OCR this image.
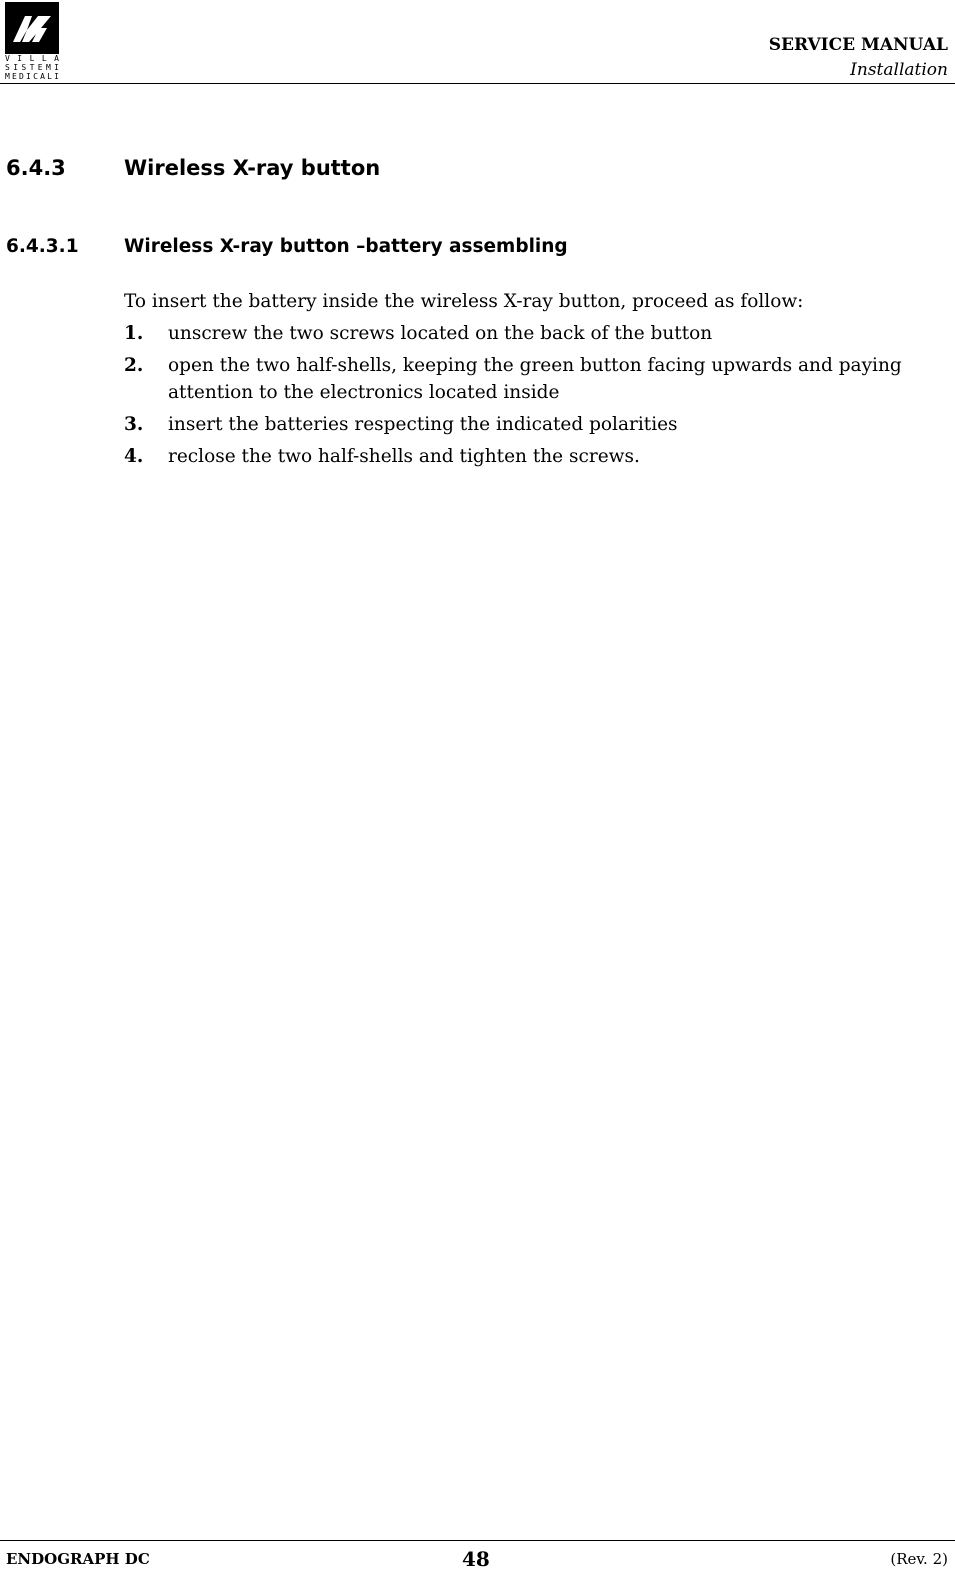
V I L L A
S I S T E M I
M E D I C A L I
SERVICE MANUAL
Installation
6.4.3	Wireless X-ray button
6.4.3.1 Wireless X-ray button –battery assembling
To insert the battery inside the wireless X-ray button, proceed as follow:
1. unscrew the two screws located on the back of the button
2. open the two half-shells, keeping the green button facing upwards and paying attention to the electronics located inside
3. insert the batteries respecting the indicated polarities
4. reclose the two half-shells and tighten the screws.
ENDOGRAPH DC	48	(Rev. 2)
